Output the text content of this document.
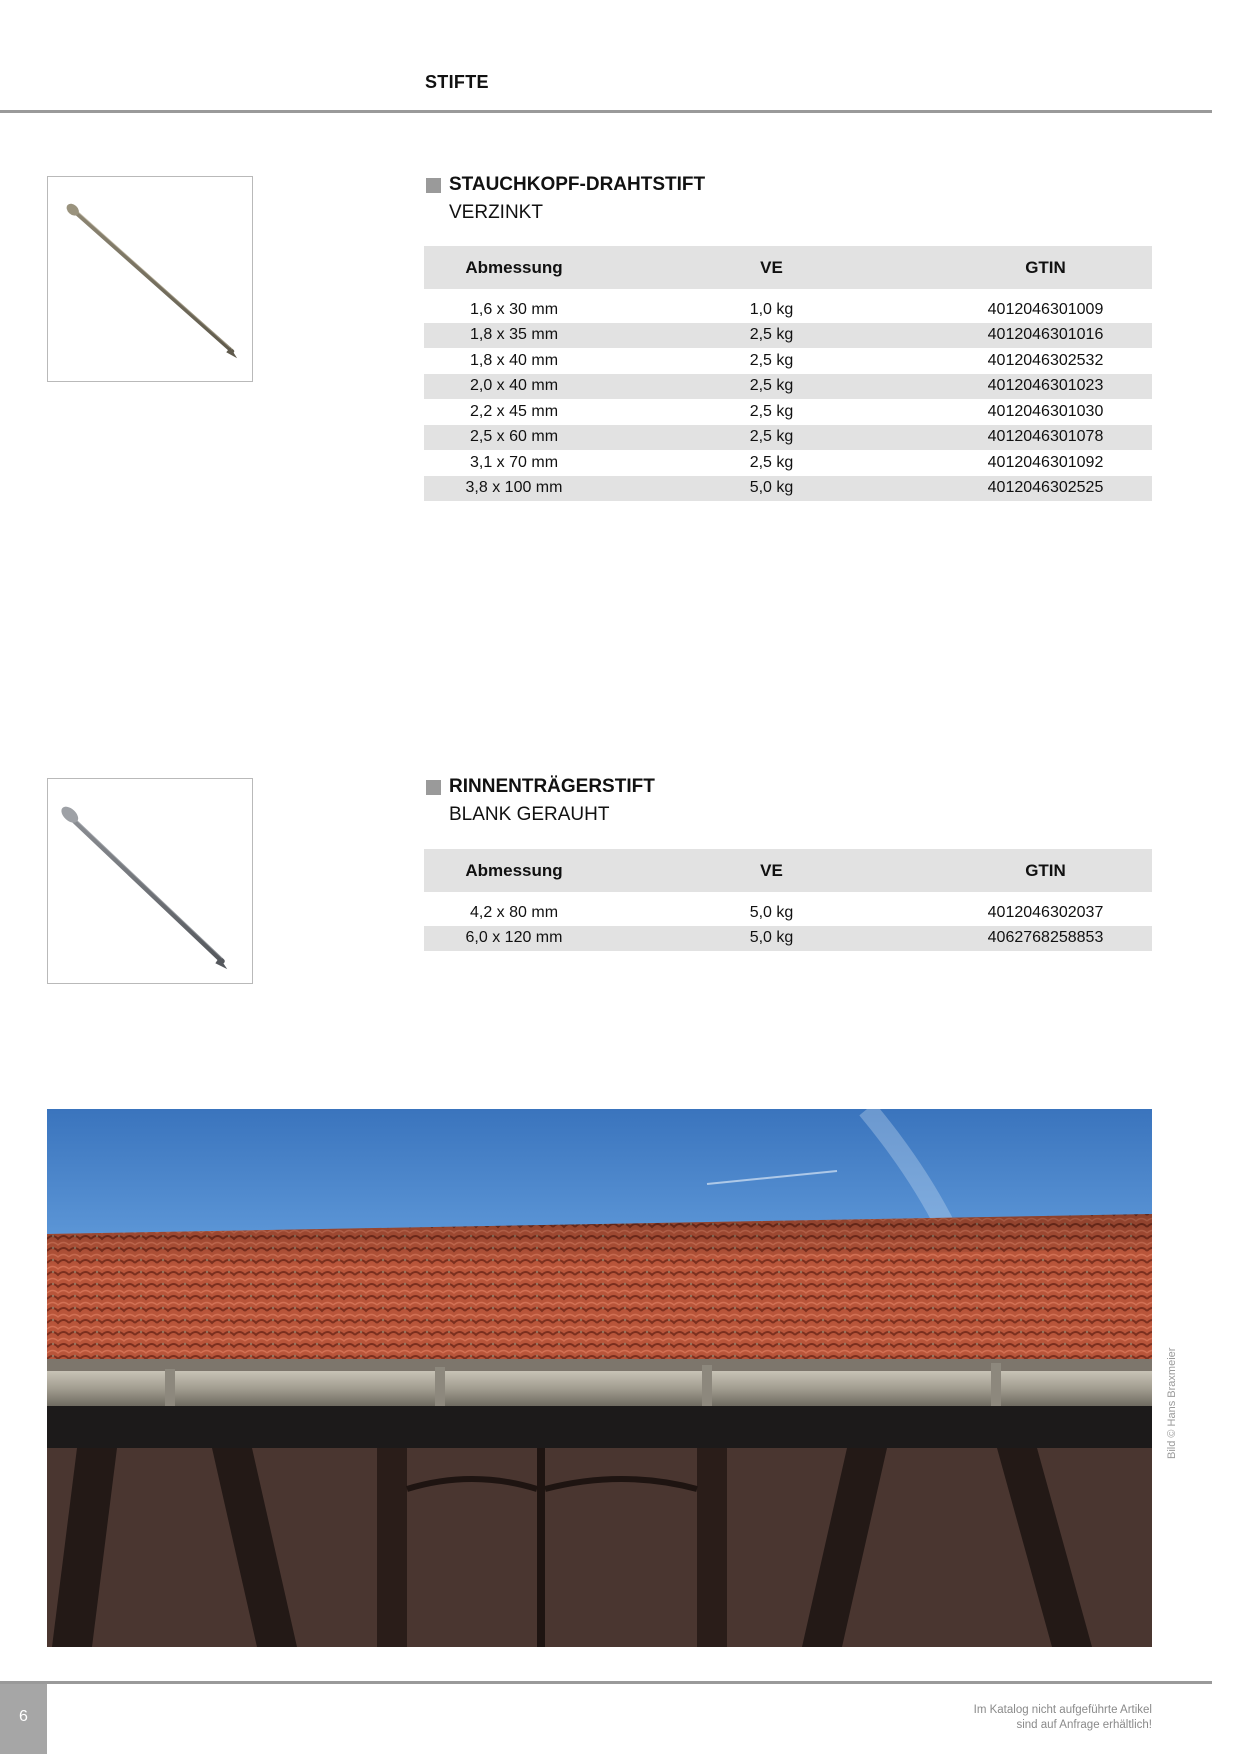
STIFTE
STAUCHKOPF-DRAHTSTIFT
VERZINKT
Abmessung	VE	GTIN

1,6 x 30 mm	1,0 kg	4012046301009
1,8 x 35 mm	2,5 kg	4012046301016
1,8 x 40 mm	2,5 kg	4012046302532
2,0 x 40 mm	2,5 kg	4012046301023
2,2 x 45 mm	2,5 kg	4012046301030
2,5 x 60 mm	2,5 kg	4012046301078
3,1 x 70 mm	2,5 kg	4012046301092
3,8 x 100 mm	5,0 kg	4012046302525
RINNENTRÄGERSTIFT
BLANK GERAUHT
Abmessung	VE	GTIN

4,2 x 80 mm	5,0 kg	4012046302037
6,0 x 120 mm	5,0 kg	4062768258853
Bild © Hans Braxmeier
6	Im Katalog nicht aufgeführte Artikel
sind auf Anfrage erhältlich!
